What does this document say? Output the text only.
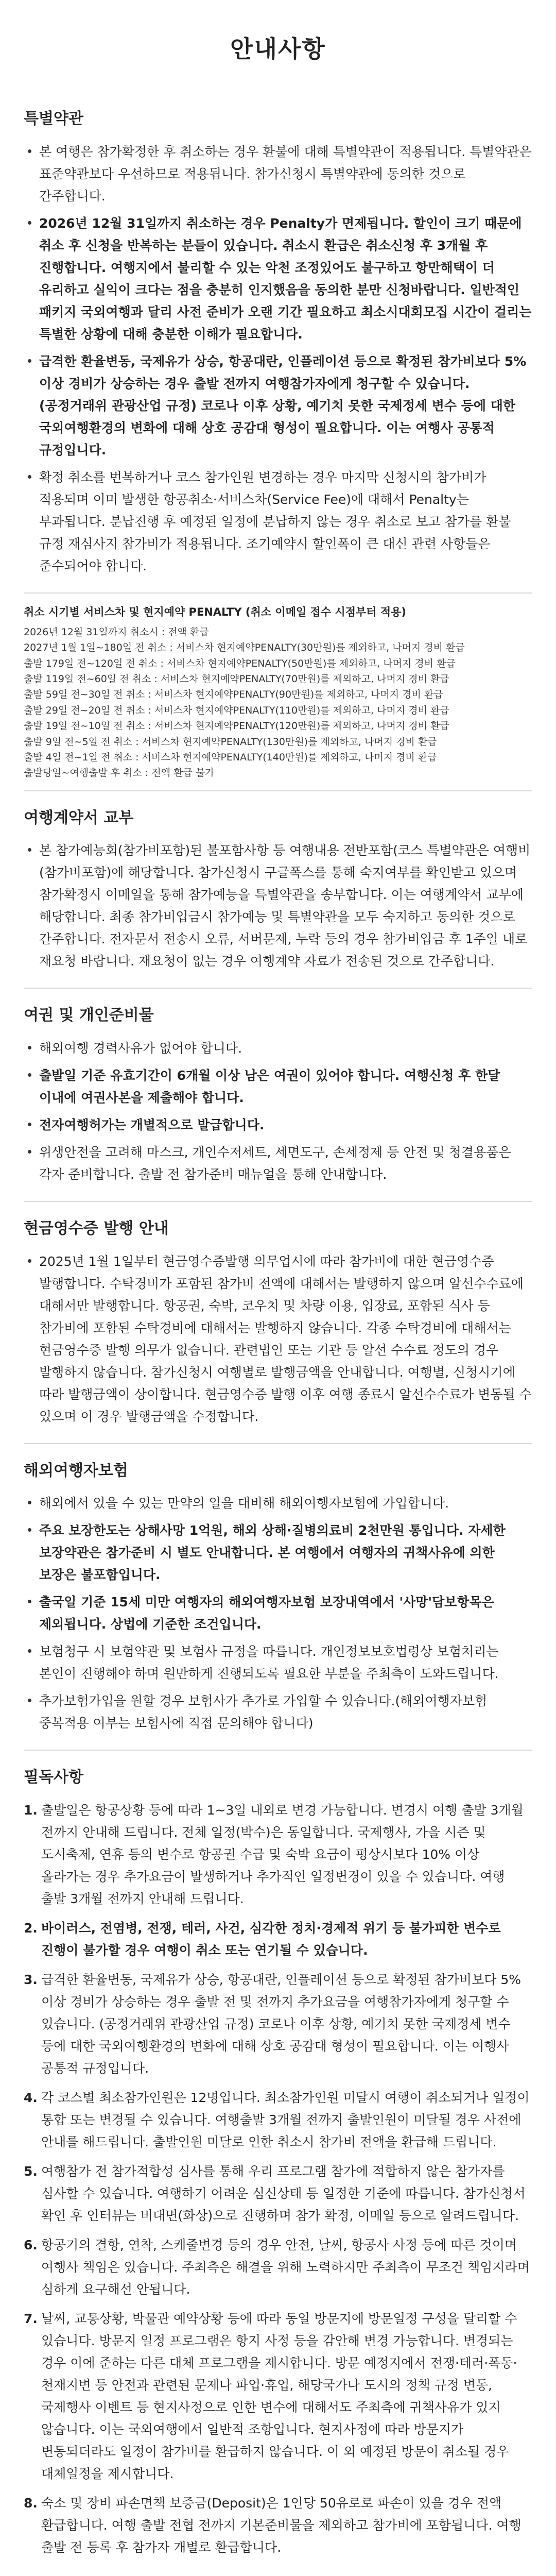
안내사항
특별약관
본 여행은 참가확정한 후 취소하는 경우 환불에 대해 특별약관이 적용됩니다. 특별약관은 표준약관보다 우선하므로 적용됩니다. 참가신청시 특별약관에 동의한 것으로 간주합니다.
2026년 12월 31일까지 취소하는 경우 Penalty가 면제됩니다. 할인이 크기 때문에 취소 후 신청을 반복하는 분들이 있습니다. 취소시 환급은 취소신청 후 3개월 후 진행합니다. 여행지에서 불리할 수 있는 악천 조정있어도 불구하고 항만해택이 더 유리하고 실익이 크다는 점을 충분히 인지했음을 동의한 분만 신청바랍니다. 일반적인 패키지 국외여행과 달리 사전 준비가 오랜 기간 필요하고 최소시대회모집 시간이 걸리는 특별한 상황에 대해 충분한 이해가 필요합니다.
급격한 환율변동, 국제유가 상승, 항공대란, 인플레이션 등으로 확정된 참가비보다 5% 이상 경비가 상승하는 경우 출발 전까지 여행참가자에게 청구할 수 있습니다.(공정거래위 관광산업 규정) 코로나 이후 상황, 예기치 못한 국제정세 변수 등에 대한 국외여행환경의 변화에 대해 상호 공감대 형성이 필요합니다. 이는 여행사 공통적 규정입니다.
확정 취소를 번복하거나 코스 참가인원 변경하는 경우 마지막 신청시의 참가비가 적용되며 이미 발생한 항공취소·서비스차(Service Fee)에 대해서 Penalty는 부과됩니다. 분납진행 후 예정된 일정에 분납하지 않는 경우 취소로 보고 참가를 환불 규정 재심사지 참가비가 적용됩니다. 조기예약시 할인폭이 큰 대신 관련 사항들은 준수되어야 합니다.
취소 시기별 서비스차 및 현지예약 PENALTY (취소 이메일 접수 시점부터 적용)
2026년 12월 31일까지 취소시 : 전액 환급
2027년 1월 1일~180일 전 취소 : 서비스차 현지예약PENALTY(30만원)를 제외하고, 나머지 경비 환급
출발 179일 전~120일 전 취소 : 서비스차 현지예약PENALTY(50만원)를 제외하고, 나머지 경비 환급
출발 119일 전~60일 전 취소 : 서비스차 현지예약PENALTY(70만원)를 제외하고, 나머지 경비 환급
출발 59일 전~30일 전 취소 : 서비스차 현지예약PENALTY(90만원)를 제외하고, 나머지 경비 환급
출발 29일 전~20일 전 취소 : 서비스차 현지예약PENALTY(110만원)를 제외하고, 나머지 경비 환급
출발 19일 전~10일 전 취소 : 서비스차 현지예약PENALTY(120만원)를 제외하고, 나머지 경비 환급
출발 9일 전~5일 전 취소 : 서비스차 현지예약PENALTY(130만원)를 제외하고, 나머지 경비 환급
출발 4일 전~1일 전 취소 : 서비스차 현지예약PENALTY(140만원)를 제외하고, 나머지 경비 환급
출발당일~여행출발 후 취소 : 전액 환급 불가
여행계약서 교부
본 참가예능회(참가비포함)된 불포함사항 등 여행내용 전반포함(코스 특별약관은 여행비(참가비포함)에 해당합니다. 참가신청시 구글폭스를 통해 숙지여부를 확인받고 있으며 참가확정시 이메일을 통해 참가예능을 특별약관을 송부합니다. 이는 여행계약서 교부에 해당합니다. 최종 참가비입금시 참가예능 및 특별약관을 모두 숙지하고 동의한 것으로 간주합니다. 전자문서 전송시 오류, 서버문제, 누락 등의 경우 참가비입금 후 1주일 내로 재요청 바랍니다. 재요청이 없는 경우 여행계약 자료가 전송된 것으로 간주합니다.
여권 및 개인준비물
해외여행 경력사유가 없어야 합니다.
출발일 기준 유효기간이 6개월 이상 남은 여권이 있어야 합니다. 여행신청 후 한달 이내에 여권사본을 제출해야 합니다.
전자여행허가는 개별적으로 발급합니다.
위생안전을 고려해 마스크, 개인수저세트, 세면도구, 손세정제 등 안전 및 청결용품은 각자 준비합니다. 출발 전 참가준비 매뉴얼을 통해 안내합니다.
현금영수증 발행 안내
2025년 1월 1일부터 현금영수증발행 의무업시에 따라 참가비에 대한 현금영수증 발행합니다. 수탁경비가 포함된 참가비 전액에 대해서는 발행하지 않으며 알선수수료에 대해서만 발행합니다. 항공권, 숙박, 코우치 및 차량 이용, 입장료, 포함된 식사 등 참가비에 포함된 수탁경비에 대해서는 발행하지 않습니다. 각종 수탁경비에 대해서는 현금영수증 발행 의무가 없습니다. 관련법인 또는 기관 등 알선 수수료 정도의 경우 발행하지 않습니다. 참가신청시 여행별로 발행금액을 안내합니다. 여행별, 신청시기에 따라 발행금액이 상이합니다. 현금영수증 발행 이후 여행 종료시 알선수수료가 변동될 수 있으며 이 경우 발행금액을 수정합니다.
해외여행자보험
해외에서 있을 수 있는 만약의 일을 대비해 해외여행자보험에 가입합니다.
주요 보장한도는 상해사망 1억원, 해외 상해·질병의료비 2천만원 통입니다. 자세한 보장약관은 참가준비 시 별도 안내합니다. 본 여행에서 여행자의 귀책사유에 의한 보장은 불포함입니다.
출국일 기준 15세 미만 여행자의 해외여행자보험 보장내역에서 '사망'담보항목은 제외됩니다. 상법에 기준한 조건입니다.
보험청구 시 보험약관 및 보험사 규정을 따릅니다. 개인정보보호법령상 보험처리는 본인이 진행해야 하며 원만하게 진행되도록 필요한 부분을 주최측이 도와드립니다.
추가보험가입을 원할 경우 보험사가 추가로 가입할 수 있습니다.(해외여행자보험 중복적용 여부는 보험사에 직접 문의해야 합니다)
필독사항
1. 출발일은 항공상황 등에 따라 1~3일 내외로 변경 가능합니다. 변경시 여행 출발 3개월 전까지 안내해 드립니다. 전체 일정(박수)은 동일합니다. 국제행사, 가을 시즌 및 도시축제, 연휴 등의 변수로 항공권 수급 및 숙박 요금이 평상시보다 10% 이상 올라가는 경우 추가요금이 발생하거나 추가적인 일정변경이 있을 수 있습니다. 여행 출발 3개월 전까지 안내해 드립니다.
2. 바이러스, 전염병, 전쟁, 테러, 사건, 심각한 정치·경제적 위기 등 불가피한 변수로 진행이 불가할 경우 여행이 취소 또는 연기될 수 있습니다.
3. 급격한 환율변동, 국제유가 상승, 항공대란, 인플레이션 등으로 확정된 참가비보다 5% 이상 경비가 상승하는 경우 출발 전 및 전까지 추가요금을 여행참가자에게 청구할 수 있습니다. (공정거래위 관광산업 규정) 코로나 이후 상황, 예기치 못한 국제정세 변수 등에 대한 국외여행환경의 변화에 대해 상호 공감대 형성이 필요합니다. 이는 여행사 공통적 규정입니다.
4. 각 코스별 최소참가인원은 12명입니다. 최소참가인원 미달시 여행이 취소되거나 일정이 통합 또는 변경될 수 있습니다. 여행출발 3개월 전까지 출발인원이 미달될 경우 사전에 안내를 해드립니다. 출발인원 미달로 인한 취소시 참가비 전액을 환급해 드립니다.
5. 여행참가 전 참가적합성 심사를 통해 우리 프로그램 참가에 적합하지 않은 참가자를 심사할 수 있습니다. 여행하기 어려운 심신상태 등 일정한 기준에 따릅니다. 참가신청서 확인 후 인터뷰는 비대면(화상)으로 진행하며 참가 확정, 이메일 등으로 알려드립니다.
6. 항공기의 결항, 연착, 스케줄변경 등의 경우 안전, 날씨, 항공사 사정 등에 따른 것이며 여행사 책임은 있습니다. 주최측은 해결을 위해 노력하지만 주최측이 무조건 책임지라며 심하게 요구해선 안됩니다.
7. 날씨, 교통상황, 박물관 예약상황 등에 따라 동일 방문지에 방문일정 구성을 달리할 수 있습니다. 방문지 일정 프로그램은 항지 사정 등을 감안해 변경 가능합니다. 변경되는 경우 이에 준하는 다른 대체 프로그램을 제시합니다. 방문 예정지에서 전쟁·테러·폭동·천재지변 등 안전과 관련된 문제나 파업·휴업, 해당국가나 도시의 정책 규정 변동, 국제행사 이벤트 등 현지사정으로 인한 변수에 대해서도 주최측에 귀책사유가 있지 않습니다. 이는 국외여행에서 일반적 조항입니다. 현지사정에 따라 방문지가 변동되더라도 일정이 참가비를 환급하지 않습니다. 이 외 예정된 방문이 취소될 경우 대체일정을 제시합니다.
8. 숙소 및 장비 파손면책 보증금(Deposit)은 1인당 50유로로 파손이 있을 경우 전액 환급합니다. 여행 출발 전협 전까지 기본준비물을 제외하고 참가비에 포함됩니다. 여행 출발 전 등록 후 참가자 개별로 환급합니다.
